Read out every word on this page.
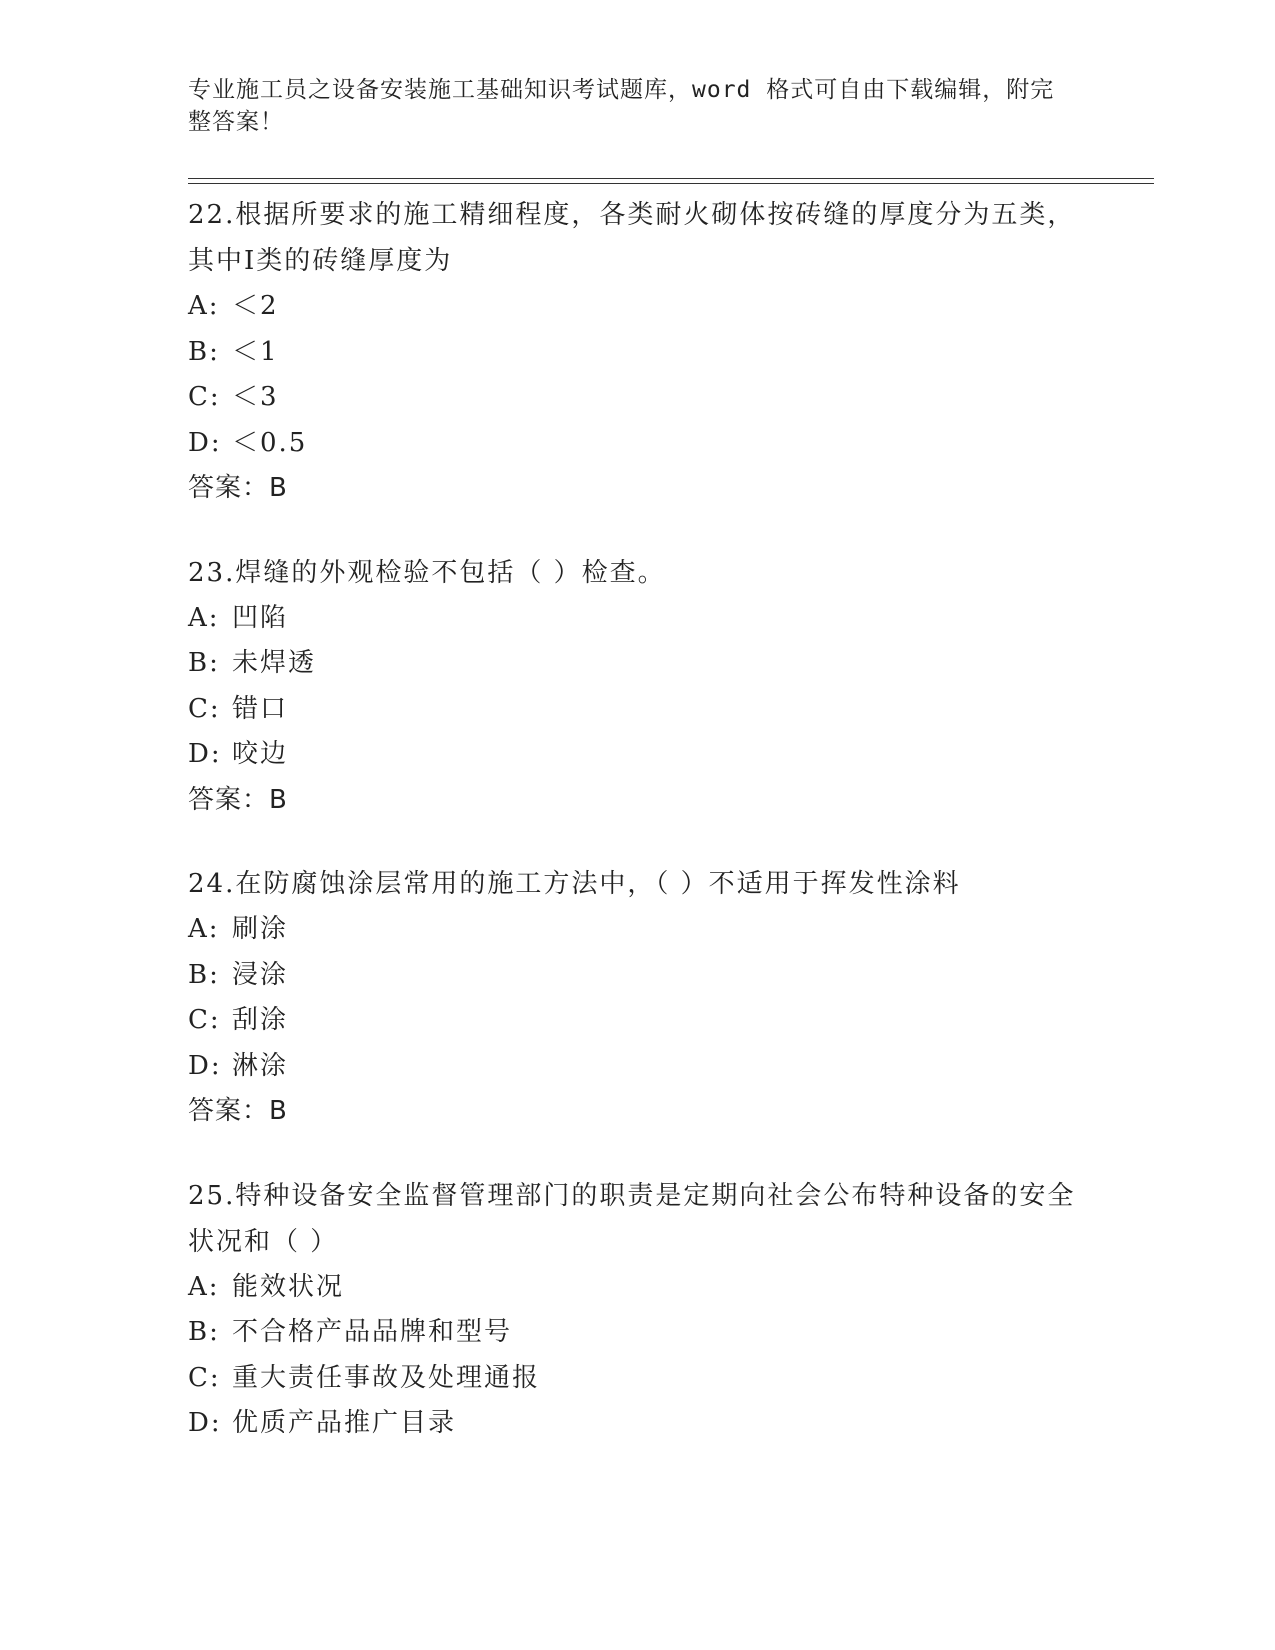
专业施工员之设备安装施工基础知识考试题库，word 格式可自由下载编辑，附完整答案！

22.根据所要求的施工精细程度，各类耐火砌体按砖缝的厚度分为五类，其中Ⅰ类的砖缝厚度为

A: ＜2

B: ＜1

C: ＜3

D: ＜0.5

答案：B

23.焊缝的外观检验不包括（ ）检查。

A: 凹陷

B: 未焊透

C: 错口

D: 咬边

答案：B

24.在防腐蚀涂层常用的施工方法中，（ ）不适用于挥发性涂料

A: 刷涂

B: 浸涂

C: 刮涂

D: 淋涂

答案：B

25.特种设备安全监督管理部门的职责是定期向社会公布特种设备的安全状况和（ ）

A: 能效状况

B: 不合格产品品牌和型号

C: 重大责任事故及处理通报

D: 优质产品推广目录
